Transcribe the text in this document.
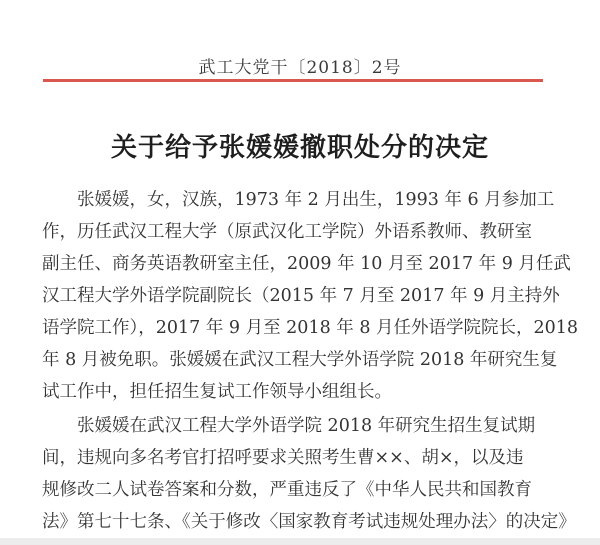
武工大党干〔2018〕2号
关于给予张媛媛撤职处分的决定
张媛媛，女，汉族，1973 年 2 月出生，1993 年 6 月参加工
作，历任武汉工程大学（原武汉化工学院）外语系教师、教研室
副主任、商务英语教研室主任，2009 年 10 月至 2017 年 9 月任武
汉工程大学外语学院副院长（2015 年 7 月至 2017 年 9 月主持外
语学院工作），2017 年 9 月至 2018 年 8 月任外语学院院长，2018
年 8 月被免职。张媛媛在武汉工程大学外语学院 2018 年研究生复
试工作中，担任招生复试工作领导小组组长。
张媛媛在武汉工程大学外语学院 2018 年研究生招生复试期
间，违规向多名考官打招呼要求关照考生曹××、胡×，以及违
规修改二人试卷答案和分数，严重违反了《中华人民共和国教育
法》第七十七条、《关于修改〈国家教育考试违规处理办法〉的决定》
